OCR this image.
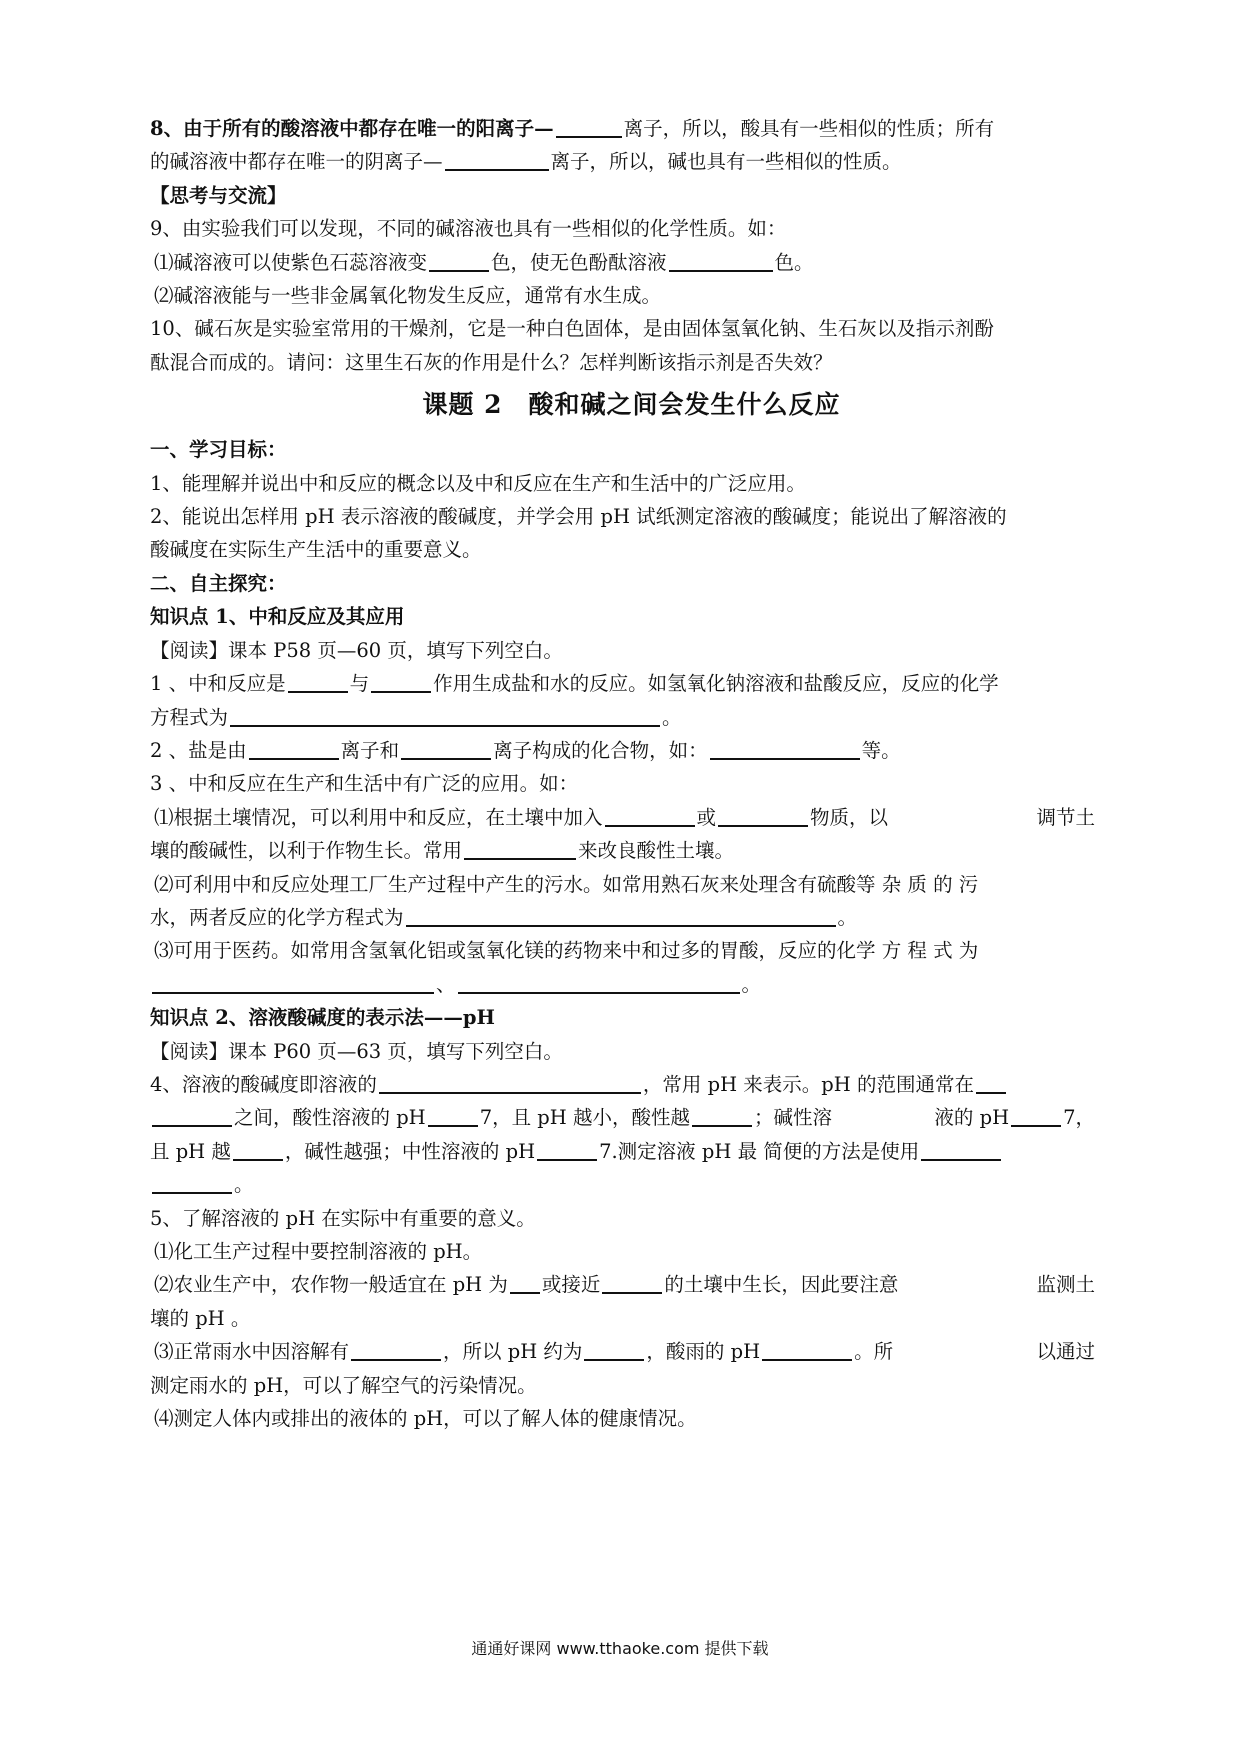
8、由于所有的酸溶液中都存在唯一的阳离子—	离子，所以，酸具有一些相似的性质；所有
的碱溶液中都存在唯一的阴离子—	离子，所以，碱也具有一些相似的性质。
【思考与交流】
9、由实验我们可以发现，不同的碱溶液也具有一些相似的化学性质。如：
⑴碱溶液可以使紫色石蕊溶液变	色，使无色酚酞溶液	色。
⑵碱溶液能与一些非金属氧化物发生反应，通常有水生成。
10、碱石灰是实验室常用的干燥剂，它是一种白色固体，是由固体氢氧化钠、生石灰以及指示剂酚
酞混合而成的。请问：这里生石灰的作用是什么？怎样判断该指示剂是否失效？
课题 2　酸和碱之间会发生什么反应
一、学习目标：
1、能理解并说出中和反应的概念以及中和反应在生产和生活中的广泛应用。
2、能说出怎样用 pH 表示溶液的酸碱度，并学会用 pH 试纸测定溶液的酸碱度；能说出了解溶液的
酸碱度在实际生产生活中的重要意义。
二、自主探究：
知识点 1、中和反应及其应用
【阅读】课本 P58 页—60 页，填写下列空白。
1 、中和反应是	与	作用生成盐和水的反应。如氢氧化钠溶液和盐酸反应，反应的化学
方程式为	。
2 、盐是由	离子和	离子构成的化合物，如：	等。
3 、中和反应在生产和生活中有广泛的应用。如：
⑴根据土壤情况，可以利用中和反应，在土壤中加入	或	物质，以	调节土
壤的酸碱性，以利于作物生长。常用	来改良酸性土壤。
⑵可利用中和反应处理工厂生产过程中产生的污水。如常用熟石灰来处理含有硫酸等 杂 质 的 污
水，两者反应的化学方程式为	。
⑶可用于医药。如常用含氢氧化铝或氢氧化镁的药物来中和过多的胃酸，反应的化学 方 程 式 为
、	。
知识点 2、溶液酸碱度的表示法——pH
【阅读】课本 P60 页—63 页，填写下列空白。
4、溶液的酸碱度即溶液的	，常用 pH 来表示。pH 的范围通常在
之间，酸性溶液的 pH	7，且 pH 越小，酸性越	；碱性溶	液的 pH	7，
且 pH 越	，碱性越强；中性溶液的 pH	7.测定溶液 pH 最 简便的方法是使用
。
5、了解溶液的 pH 在实际中有重要的意义。
⑴化工生产过程中要控制溶液的 pH。
⑵农业生产中，农作物一般适宜在 pH 为 或接近	的土壤中生长，因此要注意	监测土
壤的 pH 。
⑶正常雨水中因溶解有	，所以 pH 约为	，酸雨的 pH	。所	以通过
测定雨水的 pH，可以了解空气的污染情况。
⑷测定人体内或排出的液体的 pH，可以了解人体的健康情况。
通通好课网 www.tthaoke.com 提供下载
